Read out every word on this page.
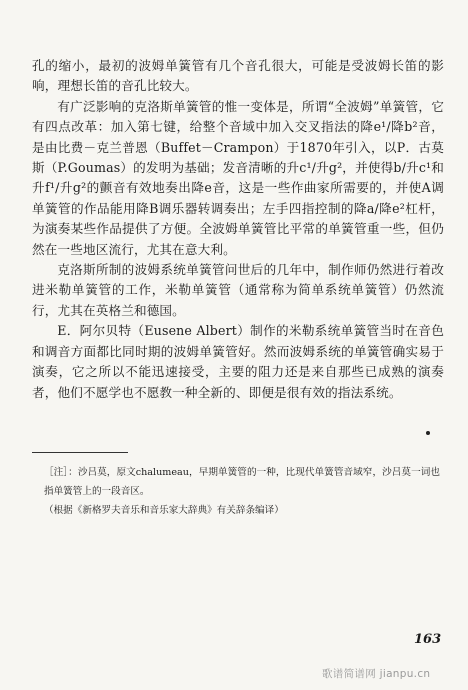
孔的缩小，最初的波姆单簧管有几个音孔很大，可能是受波姆长笛的影响，理想长笛的音孔比较大。

有广泛影响的克洛斯单簧管的惟一变体是，所谓“全波姆”单簧管，它有四点改革：加入第七键，给整个音域中加入交叉指法的降e¹/降b²音，是由比费－克兰普恩（Buffet－Crampon）于1870年引入，以P．古莫斯（P.Goumas）的发明为基础；发音清晰的升c¹/升g²，并使得b/升c¹和升f¹/升g²的颤音有效地奏出降e音，这是一些作曲家所需要的，并使A调单簧管的作品能用降B调乐器转调奏出；左手四指控制的降a/降e²杠杆，为演奏某些作品提供了方便。全波姆单簧管比平常的单簧管重一些，但仍然在一些地区流行，尤其在意大利。

克洛斯所制的波姆系统单簧管问世后的几年中，制作师仍然进行着改进米勒单簧管的工作，米勒单簧管（通常称为简单系统单簧管）仍然流行，尤其在英格兰和德国。

E．阿尔贝特（Eusene Albert）制作的米勒系统单簧管当时在音色和调音方面都比同时期的波姆单簧管好。然而波姆系统的单簧管确实易于演奏，它之所以不能迅速接受，主要的阻力还是来自那些已成熟的演奏者，他们不愿学也不愿教一种全新的、即便是很有效的指法系统。

［注］：沙吕莫，原文chalumeau，早期单簧管的一种，比现代单簧管音域窄，沙吕莫一词也指单簧管上的一段音区。

（根据《新格罗夫音乐和音乐家大辞典》有关辞条编译）

163
歌谱简谱网 jianpu.cn
